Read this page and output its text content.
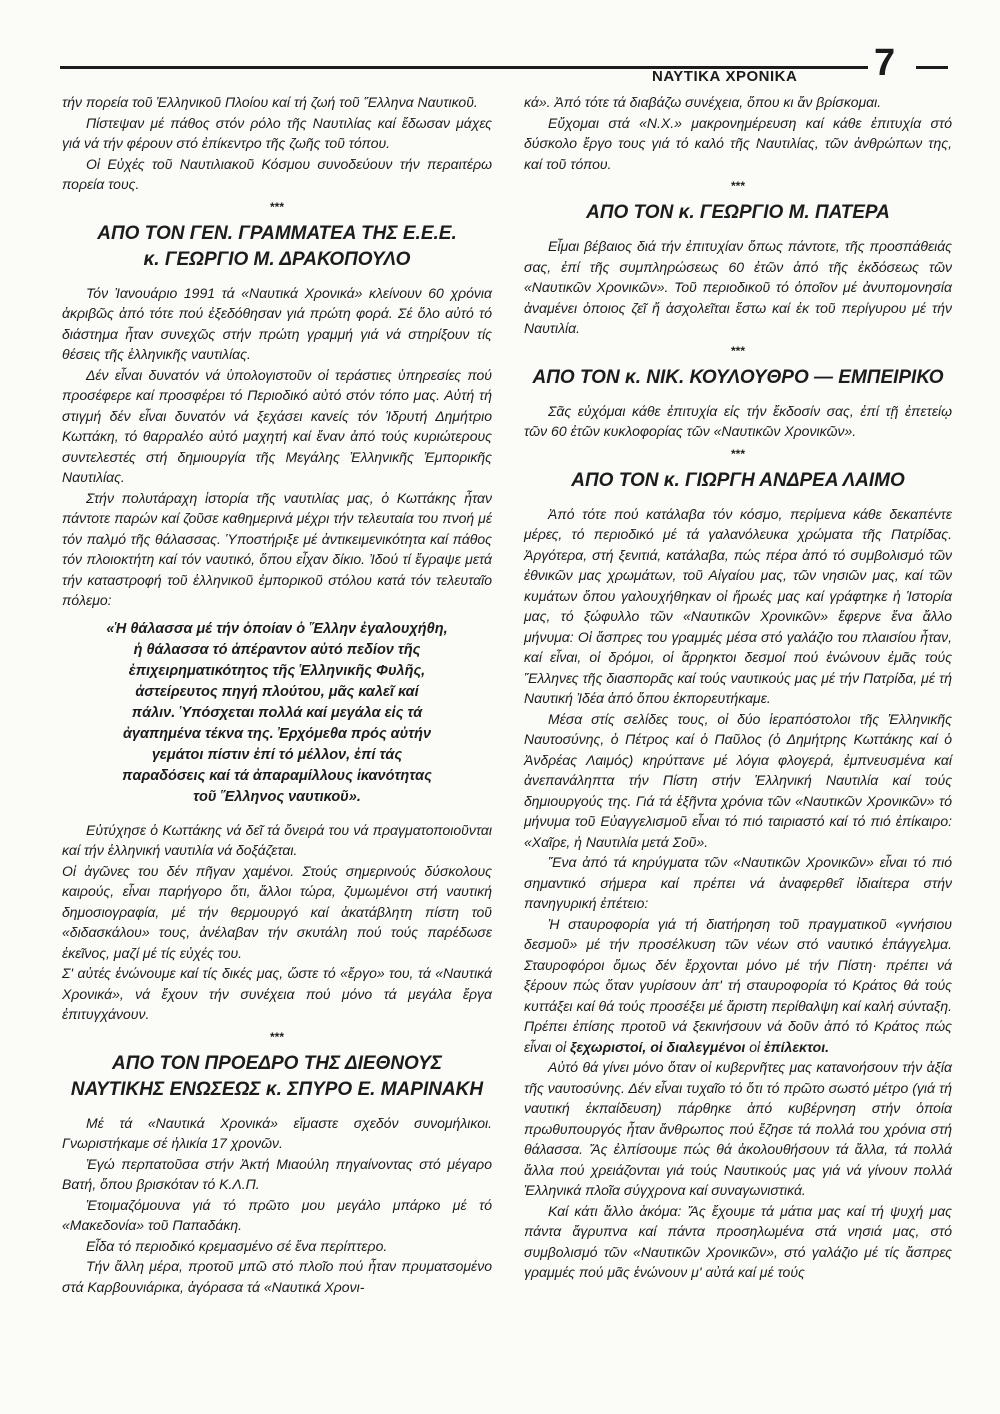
ΝΑΥΤΙΚΑ ΧΡΟΝΙΚΑ 7

τήν πορεία τοῦ Ἑλληνικοῦ Πλοίου καί τή ζωή τοῦ Ἕλληνα Ναυτικοῦ.

Πίστεψαν μέ πάθος στόν ρόλο τῆς Ναυτιλίας καί ἔδωσαν μάχες γιά νά τήν φέρουν στό ἐπίκεντρο τῆς ζωῆς τοῦ τόπου.

Οἱ Εὐχές τοῦ Ναυτιλιακοῦ Κόσμου συνοδεύουν τήν περαιτέρω πορεία τους.

***
ΑΠΟ ΤΟΝ ΓΕΝ. ΓΡΑΜΜΑΤΕΑ ΤΗΣ Ε.Ε.Ε.
κ. ΓΕΩΡΓΙΟ Μ. ΔΡΑΚΟΠΟΥΛΟ

Τόν Ἰανουάριο 1991 τά «Ναυτικά Χρονικά» κλείνουν 60 χρόνια ἀκριβῶς ἀπό τότε πού ἐξεδόθησαν γιά πρώτη φορά. Σέ ὅλο αὐτό τό διάστημα ἦταν συνεχῶς στήν πρώτη γραμμή γιά νά στηρίξουν τίς θέσεις τῆς ἑλληνικῆς ναυτιλίας.

Δέν εἶναι δυνατόν νά ὑπολογιστοῦν οἱ τεράστιες ὑπηρεσίες πού προσέφερε καί προσφέρει τό Περιοδικό αὐτό στόν τόπο μας. Αὐτή τή στιγμή δέν εἶναι δυνατόν νά ξεχάσει κανείς τόν Ἱδρυτή Δημήτριο Κωττάκη, τό θαρραλέο αὐτό μαχητή καί ἕναν ἀπό τούς κυριώτερους συντελεστές στή δημιουργία τῆς Μεγάλης Ἑλληνικῆς Ἐμπορικῆς Ναυτιλίας.

Στήν πολυτάραχη ἱστορία τῆς ναυτιλίας μας, ὁ Κωττάκης ἦταν πάντοτε παρών καί ζοῦσε καθημερινά μέχρι τήν τελευταία του πνοή μέ τόν παλμό τῆς θάλασσας. Ὑποστήριξε μέ ἀντικειμενικότητα καί πάθος τόν πλοιοκτήτη καί τόν ναυτικό, ὅπου εἶχαν δίκιο. Ἰδού τί ἔγραψε μετά τήν καταστροφή τοῦ ἑλληνικοῦ ἐμπορικοῦ στόλου κατά τόν τελευταῖο πόλεμο:

«Ἡ θάλασσα μέ τήν ὁποίαν ὁ Ἕλλην ἐγαλουχήθη,
ἡ θάλασσα τό ἀπέραντον αὐτό πεδίον τῆς
ἐπιχειρηματικότητος τῆς Ἑλληνικῆς Φυλῆς,
ἀστείρευτος πηγή πλούτου, μᾶς καλεῖ καί
πάλιν. Ὑπόσχεται πολλά καί μεγάλα εἰς τά
ἀγαπημένα τέκνα της. Ἐρχόμεθα πρός αὐτήν
γεμάτοι πίστιν ἐπί τό μέλλον, ἐπί τάς
παραδόσεις καί τά ἀπαραμίλλους ἱκανότητας
τοῦ Ἕλληνος ναυτικοῦ».

Εὐτύχησε ὁ Κωττάκης νά δεῖ τά ὄνειρά του νά πραγματοποιοῦνται καί τήν ἑλληνική ναυτιλία νά δοξάζεται.

Οἱ ἀγῶνες του δέν πῆγαν χαμένοι. Στούς σημερινούς δύσκολους καιρούς, εἶναι παρήγορο ὅτι, ἄλλοι τώρα, ζυμωμένοι στή ναυτική δημοσιογραφία, μέ τήν θερμουργό καί ἀκατάβλητη πίστη τοῦ «διδασκάλου» τους, ἀνέλαβαν τήν σκυτάλη πού τούς παρέδωσε ἐκεῖνος, μαζί μέ τίς εὐχές του.

Σ' αὐτές ἑνώνουμε καί τίς δικές μας, ὥστε τό «ἔργο» του, τά «Ναυτικά Χρονικά», νά ἔχουν τήν συνέχεια πού μόνο τά μεγάλα ἔργα ἐπιτυγχάνουν.

***
ΑΠΟ ΤΟΝ ΠΡΟΕΔΡΟ ΤΗΣ ΔΙΕΘΝΟΥΣ
ΝΑΥΤΙΚΗΣ ΕΝΩΣΕΩΣ κ. ΣΠΥΡΟ Ε. ΜΑΡΙΝΑΚΗ

Μέ τά «Ναυτικά Χρονικά» εἴμαστε σχεδόν συνομήλικοι. Γνωριστήκαμε σέ ἡλικία 17 χρονῶν.

Ἐγώ περπατοῦσα στήν Ἀκτή Μιαούλη πηγαίνοντας στό μέγαρο Βατή, ὅπου βρισκόταν τό Κ.Λ.Π.

Ἑτοιμαζόμουνα γιά τό πρῶτο μου μεγάλο μπάρκο μέ τό «Μακεδονία» τοῦ Παπαδάκη.

Εἶδα τό περιοδικό κρεμασμένο σέ ἕνα περίπτερο.

Τήν ἄλλη μέρα, προτοῦ μπῶ στό πλοῖο πού ἦταν πρυματσομένο στά Καρβουνιάρικα, ἀγόρασα τά «Ναυτικά Χρονι-

κά». Ἀπό τότε τά διαβάζω συνέχεια, ὅπου κι ἄν βρίσκομαι.

Εὔχομαι στά «Ν.Χ.» μακρονημέρευση καί κάθε ἐπιτυχία στό δύσκολο ἔργο τους γιά τό καλό τῆς Ναυτιλίας, τῶν ἀνθρώπων της, καί τοῦ τόπου.

***
ΑΠΟ ΤΟΝ κ. ΓΕΩΡΓΙΟ Μ. ΠΑΤΕΡΑ

Εἶμαι βέβαιος διά τήν ἐπιτυχίαν ὅπως πάντοτε, τῆς προσπάθειάς σας, ἐπί τῆς συμπληρώσεως 60 ἐτῶν ἀπό τῆς ἐκδόσεως τῶν «Ναυτικῶν Χρονικῶν». Τοῦ περιοδικοῦ τό ὁποῖον μέ ἀνυπομονησία ἀναμένει ὁποιος ζεῖ ἤ ἀσχολεῖται ἔστω καί ἐκ τοῦ περίγυρου μέ τήν Ναυτιλία.

***
ΑΠΟ ΤΟΝ κ. ΝΙΚ. ΚΟΥΛΟΥΘΡΟ — ΕΜΠΕΙΡΙΚΟ

Σᾶς εὐχόμαι κάθε ἐπιτυχία εἰς τήν ἔκδοσίν σας, ἐπί τῇ ἐπετείῳ τῶν 60 ἐτῶν κυκλοφορίας τῶν «Ναυτικῶν Χρονικῶν».

***
ΑΠΟ ΤΟΝ κ. ΓΙΩΡΓΗ ΑΝΔΡΕΑ ΛΑΙΜΟ

Ἀπό τότε πού κατάλαβα τόν κόσμο, περίμενα κάθε δεκαπέντε μέρες, τό περιοδικό μέ τά γαλανόλευκα χρώματα τῆς Πατρίδας. Ἀργότερα, στή ξενιτιά, κατάλαβα, πώς πέρα ἀπό τό συμβολισμό τῶν ἐθνικῶν μας χρωμάτων, τοῦ Αἰγαίου μας, τῶν νησιῶν μας, καί τῶν κυμάτων ὅπου γαλουχήθηκαν οἱ ἥρωές μας καί γράφτηκε ἡ Ἱστορία μας, τό ξώφυλλο τῶν «Ναυτικῶν Χρονικῶν» ἔφερνε ἕνα ἄλλο μήνυμα: Οἱ ἄσπρες του γραμμές μέσα στό γαλάζιο του πλαισίου ἦταν, καί εἶναι, οἱ δρόμοι, οἱ ἄρρηκτοι δεσμοί πού ἑνώνουν ἐμᾶς τούς Ἕλληνες τῆς διασπορᾶς καί τούς ναυτικούς μας μέ τήν Πατρίδα, μέ τή Ναυτική Ἰδέα ἀπό ὅπου ἐκπορευτήκαμε.

Μέσα στίς σελίδες τους, οἱ δύο ἱεραπόστολοι τῆς Ἑλληνικῆς Ναυτοσύνης, ὁ Πέτρος καί ὁ Παῦλος (ὁ Δημήτρης Κωττάκης καί ὁ Ἀνδρέας Λαιμός) κηρύττανε μέ λόγια φλογερά, ἐμπνευσμένα καί ἀνεπανάληπτα τήν Πίστη στήν Ἑλληνική Ναυτιλία καί τούς δημιουργούς της. Γιά τά ἑξῆντα χρόνια τῶν «Ναυτικῶν Χρονικῶν» τό μήνυμα τοῦ Εὐαγγελισμοῦ εἶναι τό πιό ταιριαστό καί τό πιό ἐπίκαιρο: «Χαῖρε, ἡ Ναυτιλία μετά Σοῦ».

Ἕνα ἀπό τά κηρύγματα τῶν «Ναυτικῶν Χρονικῶν» εἶναι τό πιό σημαντικό σήμερα καί πρέπει νά ἀναφερθεῖ ἰδιαίτερα στήν πανηγυρική ἐπέτειο:

Ἡ σταυροφορία γιά τή διατήρηση τοῦ πραγματικοῦ «γνήσιου δεσμοῦ» μέ τήν προσέλκυση τῶν νέων στό ναυτικό ἐπάγγελμα. Σταυροφόροι ὅμως δέν ἔρχονται μόνο μέ τήν Πίστη· πρέπει νά ξέρουν πώς ὅταν γυρίσουν ἀπ' τή σταυροφορία τό Κράτος θά τούς κυττάξει καί θά τούς προσέξει μέ ἄριστη περίθαλψη καί καλή σύνταξη. Πρέπει ἐπίσης προτοῦ νά ξεκινήσουν νά δοῦν ἀπό τό Κράτος πώς εἶναι οἱ ξεχωριστοί, οἱ διαλεγμένοι οἱ ἐπίλεκτοι.

Αὐτό θά γίνει μόνο ὅταν οἱ κυβερνῆτες μας κατανοήσουν τήν ἀξία τῆς ναυτοσύνης. Δέν εἶναι τυχαῖο τό ὅτι τό πρῶτο σωστό μέτρο (γιά τή ναυτική ἐκπαίδευση) πάρθηκε ἀπό κυβέρνηση στήν ὁποία πρωθυπουργός ἦταν ἄνθρωπος πού ἔζησε τά πολλά του χρόνια στή θάλασσα. Ἄς ἐλπίσουμε πώς θά ἀκολουθήσουν τά ἄλλα, τά πολλά ἄλλα πού χρειάζονται γιά τούς Ναυτικούς μας γιά νά γίνουν πολλά Ἑλληνικά πλοῖα σύγχρονα καί συναγωνιστικά.

Καί κάτι ἄλλο ἀκόμα: Ἄς ἔχουμε τά μάτια μας καί τή ψυχή μας πάντα ἄγρυπνα καί πάντα προσηλωμένα στά νησιά μας, στό συμβολισμό τῶν «Ναυτικῶν Χρονικῶν», στό γαλάζιο μέ τίς ἄσπρες γραμμές πού μᾶς ἑνώνουν μ' αὐτά καί μέ τούς
